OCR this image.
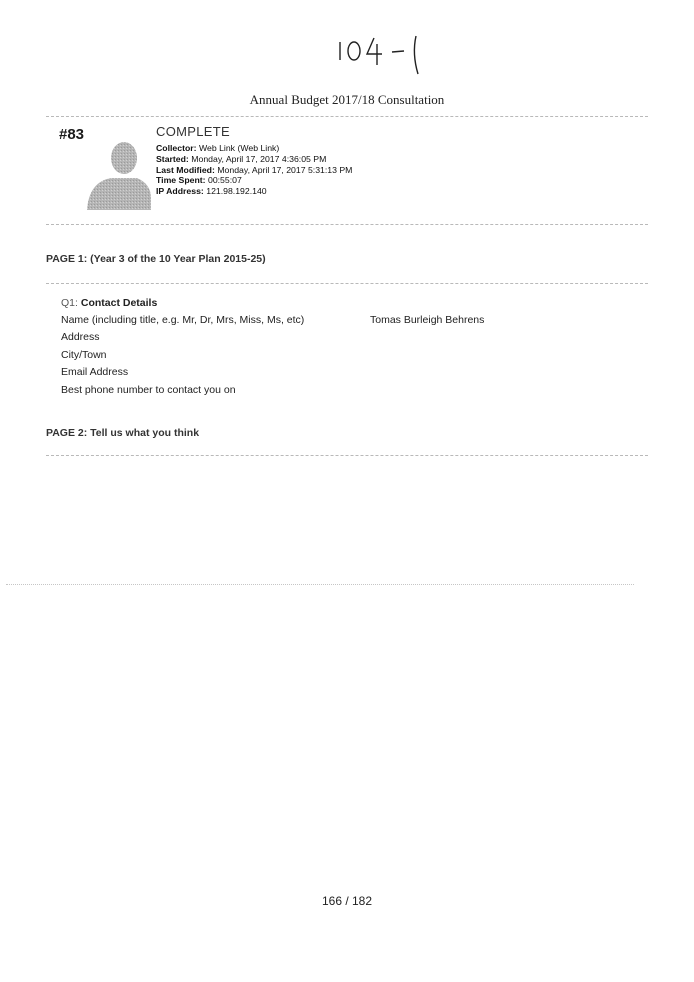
Annual Budget 2017/18 Consultation
#83	COMPLETE
Collector: Web Link (Web Link)
Started: Monday, April 17, 2017 4:36:05 PM
Last Modified: Monday, April 17, 2017 5:31:13 PM
Time Spent: 00:55:07
IP Address: 121.98.192.140
PAGE 1: (Year 3 of the 10 Year Plan 2015-25)
Q1: Contact Details
Name (including title, e.g. Mr, Dr, Mrs, Miss, Ms, etc)	Tomas Burleigh Behrens
Address
City/Town
Email Address
Best phone number to contact you on
PAGE 2: Tell us what you think
166 / 182
